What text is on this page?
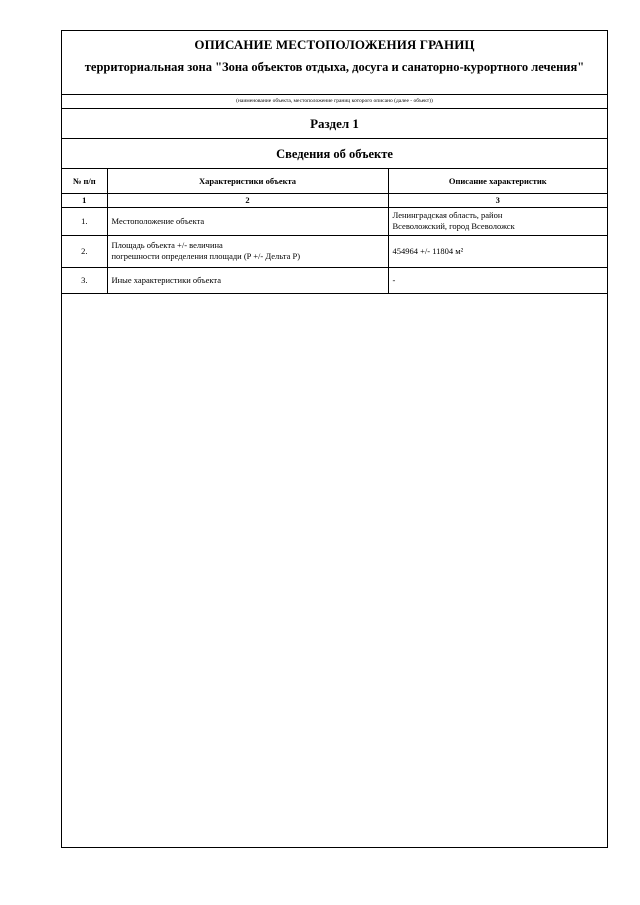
ОПИСАНИЕ МЕСТОПОЛОЖЕНИЯ ГРАНИЦ
территориальная зона "Зона объектов отдыха, досуга и санаторно-курортного лечения"
(наименование объекта, местоположение границ которого описано (далее - объект))
Раздел 1
Сведения об объекте
№ п/п	Характеристики объекта	Описание характеристик
1	2	3
1.	Местоположение объекта	Ленинградская область, район
Всеволожский, город Всеволожск

2.	Площадь объекта +/- величина
погрешности определения площади (P +/- Дельта P)	454964 +/- 11804 м²
3.	Иные характеристики объекта	-
